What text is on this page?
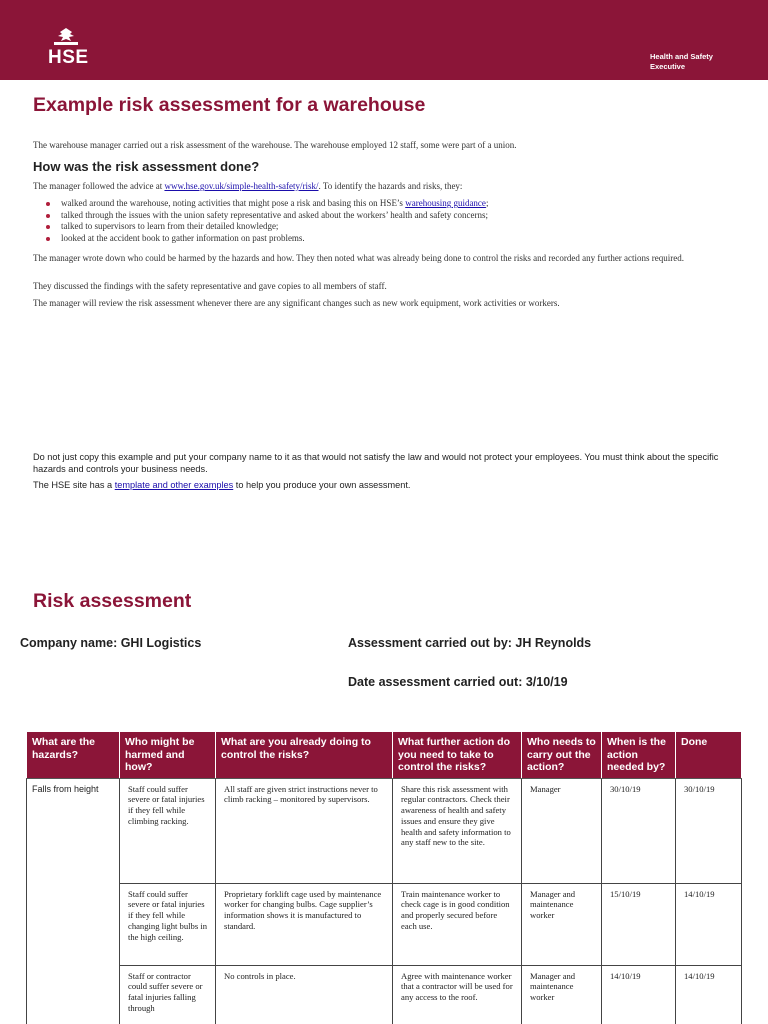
HSE	Health and Safety
Executive
Example risk assessment for a warehouse

The warehouse manager carried out a risk assessment of the warehouse. The warehouse employed 12 staff, some were part of a union.

How was the risk assessment done?

The manager followed the advice at www.hse.gov.uk/simple-health-safety/risk/. To identify the hazards and risks, they:

walked around the warehouse, noting activities that might pose a risk and basing this on HSE’s warehousing guidance;
talked through the issues with the union safety representative and asked about the workers’ health and safety concerns;
talked to supervisors to learn from their detailed knowledge;
looked at the accident book to gather information on past problems.

The manager wrote down who could be harmed by the hazards and how. They then noted what was already being done to control the risks and recorded any further actions required.

They discussed the findings with the safety representative and gave copies to all members of staff.

The manager will review the risk assessment whenever there are any significant changes such as new work equipment, work activities or workers.

Do not just copy this example and put your company name to it as that would not satisfy the law and would not protect your employees. You must think about the specific hazards and controls your business needs.

The HSE site has a template and other examples to help you produce your own assessment.

Risk assessment
Company name: GHI Logistics	Assessment carried out by: JH Reynolds
Date assessment carried out: 3/10/19
What are the hazards?	Who might be harmed and how?	What are you already doing to control the risks?	What further action do you need to take to control the risks?	Who needs to carry out the action?	When is the action needed by?	Done
Falls from height	Staff could suffer severe or fatal injuries if they fell while climbing racking.	All staff are given strict instructions never to climb racking – monitored by supervisors.	Share this risk assessment with regular contractors. Check their awareness of health and safety issues and ensure they give health and safety information to any staff new to the site.	Manager	30/10/19	30/10/19
	Staff could suffer severe or fatal injuries if they fell while changing light bulbs in the high ceiling.	Proprietary forklift cage used by maintenance worker for changing bulbs. Cage supplier’s information shows it is manufactured to standard.	Train maintenance worker to check cage is in good condition and properly secured before each use.	Manager and maintenance worker	15/10/19	14/10/19
	Staff or contractor could suffer severe or fatal injuries falling through	No controls in place.	Agree with maintenance worker that a contractor will be used for any access to the roof.	Manager and maintenance worker	14/10/19	14/10/19
